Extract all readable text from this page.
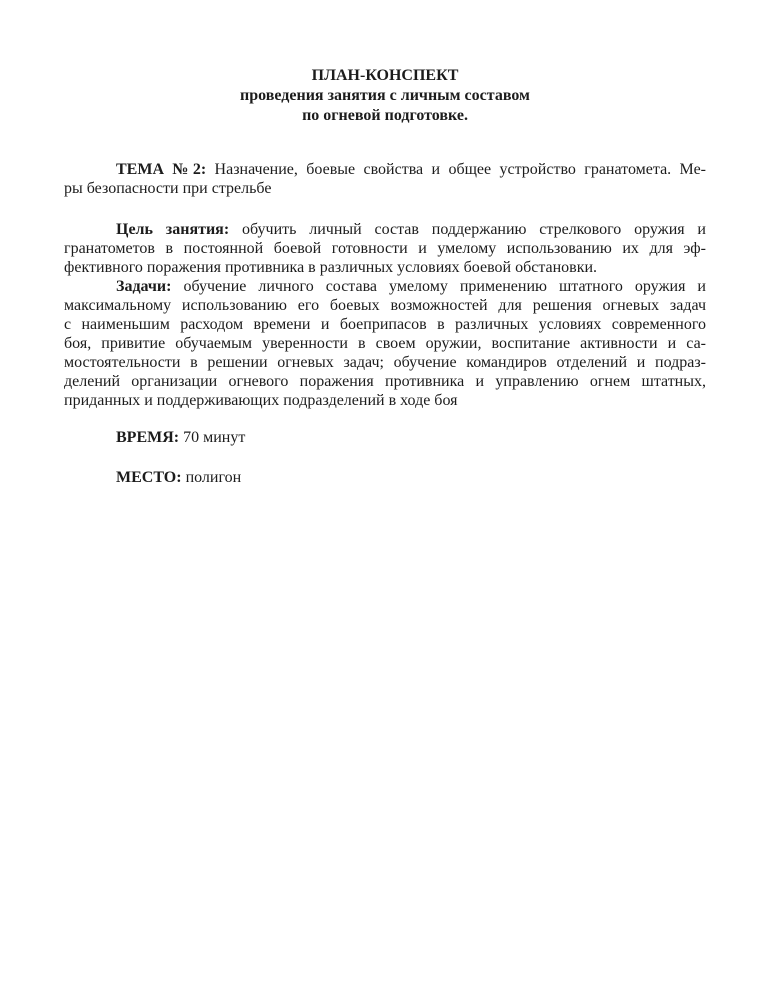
ПЛАН-КОНСПЕКТ
проведения занятия с личным составом
по огневой подготовке.
ТЕМА №2: Назначение, боевые свойства и общее устройство гранатомета. Ме-
ры безопасности при стрельбе
Цель занятия: обучить личный состав поддержанию стрелкового оружия и
гранатометов в постоянной боевой готовности и умелому использованию их для эф-
фективного поражения противника в различных условиях боевой обстановки.
Задачи: обучение личного состава умелому применению штатного оружия и
максимальному использованию его боевых возможностей для решения огневых задач
с наименьшим расходом времени и боеприпасов в различных условиях современного
боя, привитие обучаемым уверенности в своем оружии, воспитание активности и са-
мостоятельности в решении огневых задач; обучение командиров отделений и подраз-
делений организации огневого поражения противника и управлению огнем штатных,
приданных и поддерживающих подразделений в ходе боя
ВРЕМЯ: 70 минут
МЕСТО: полигон
